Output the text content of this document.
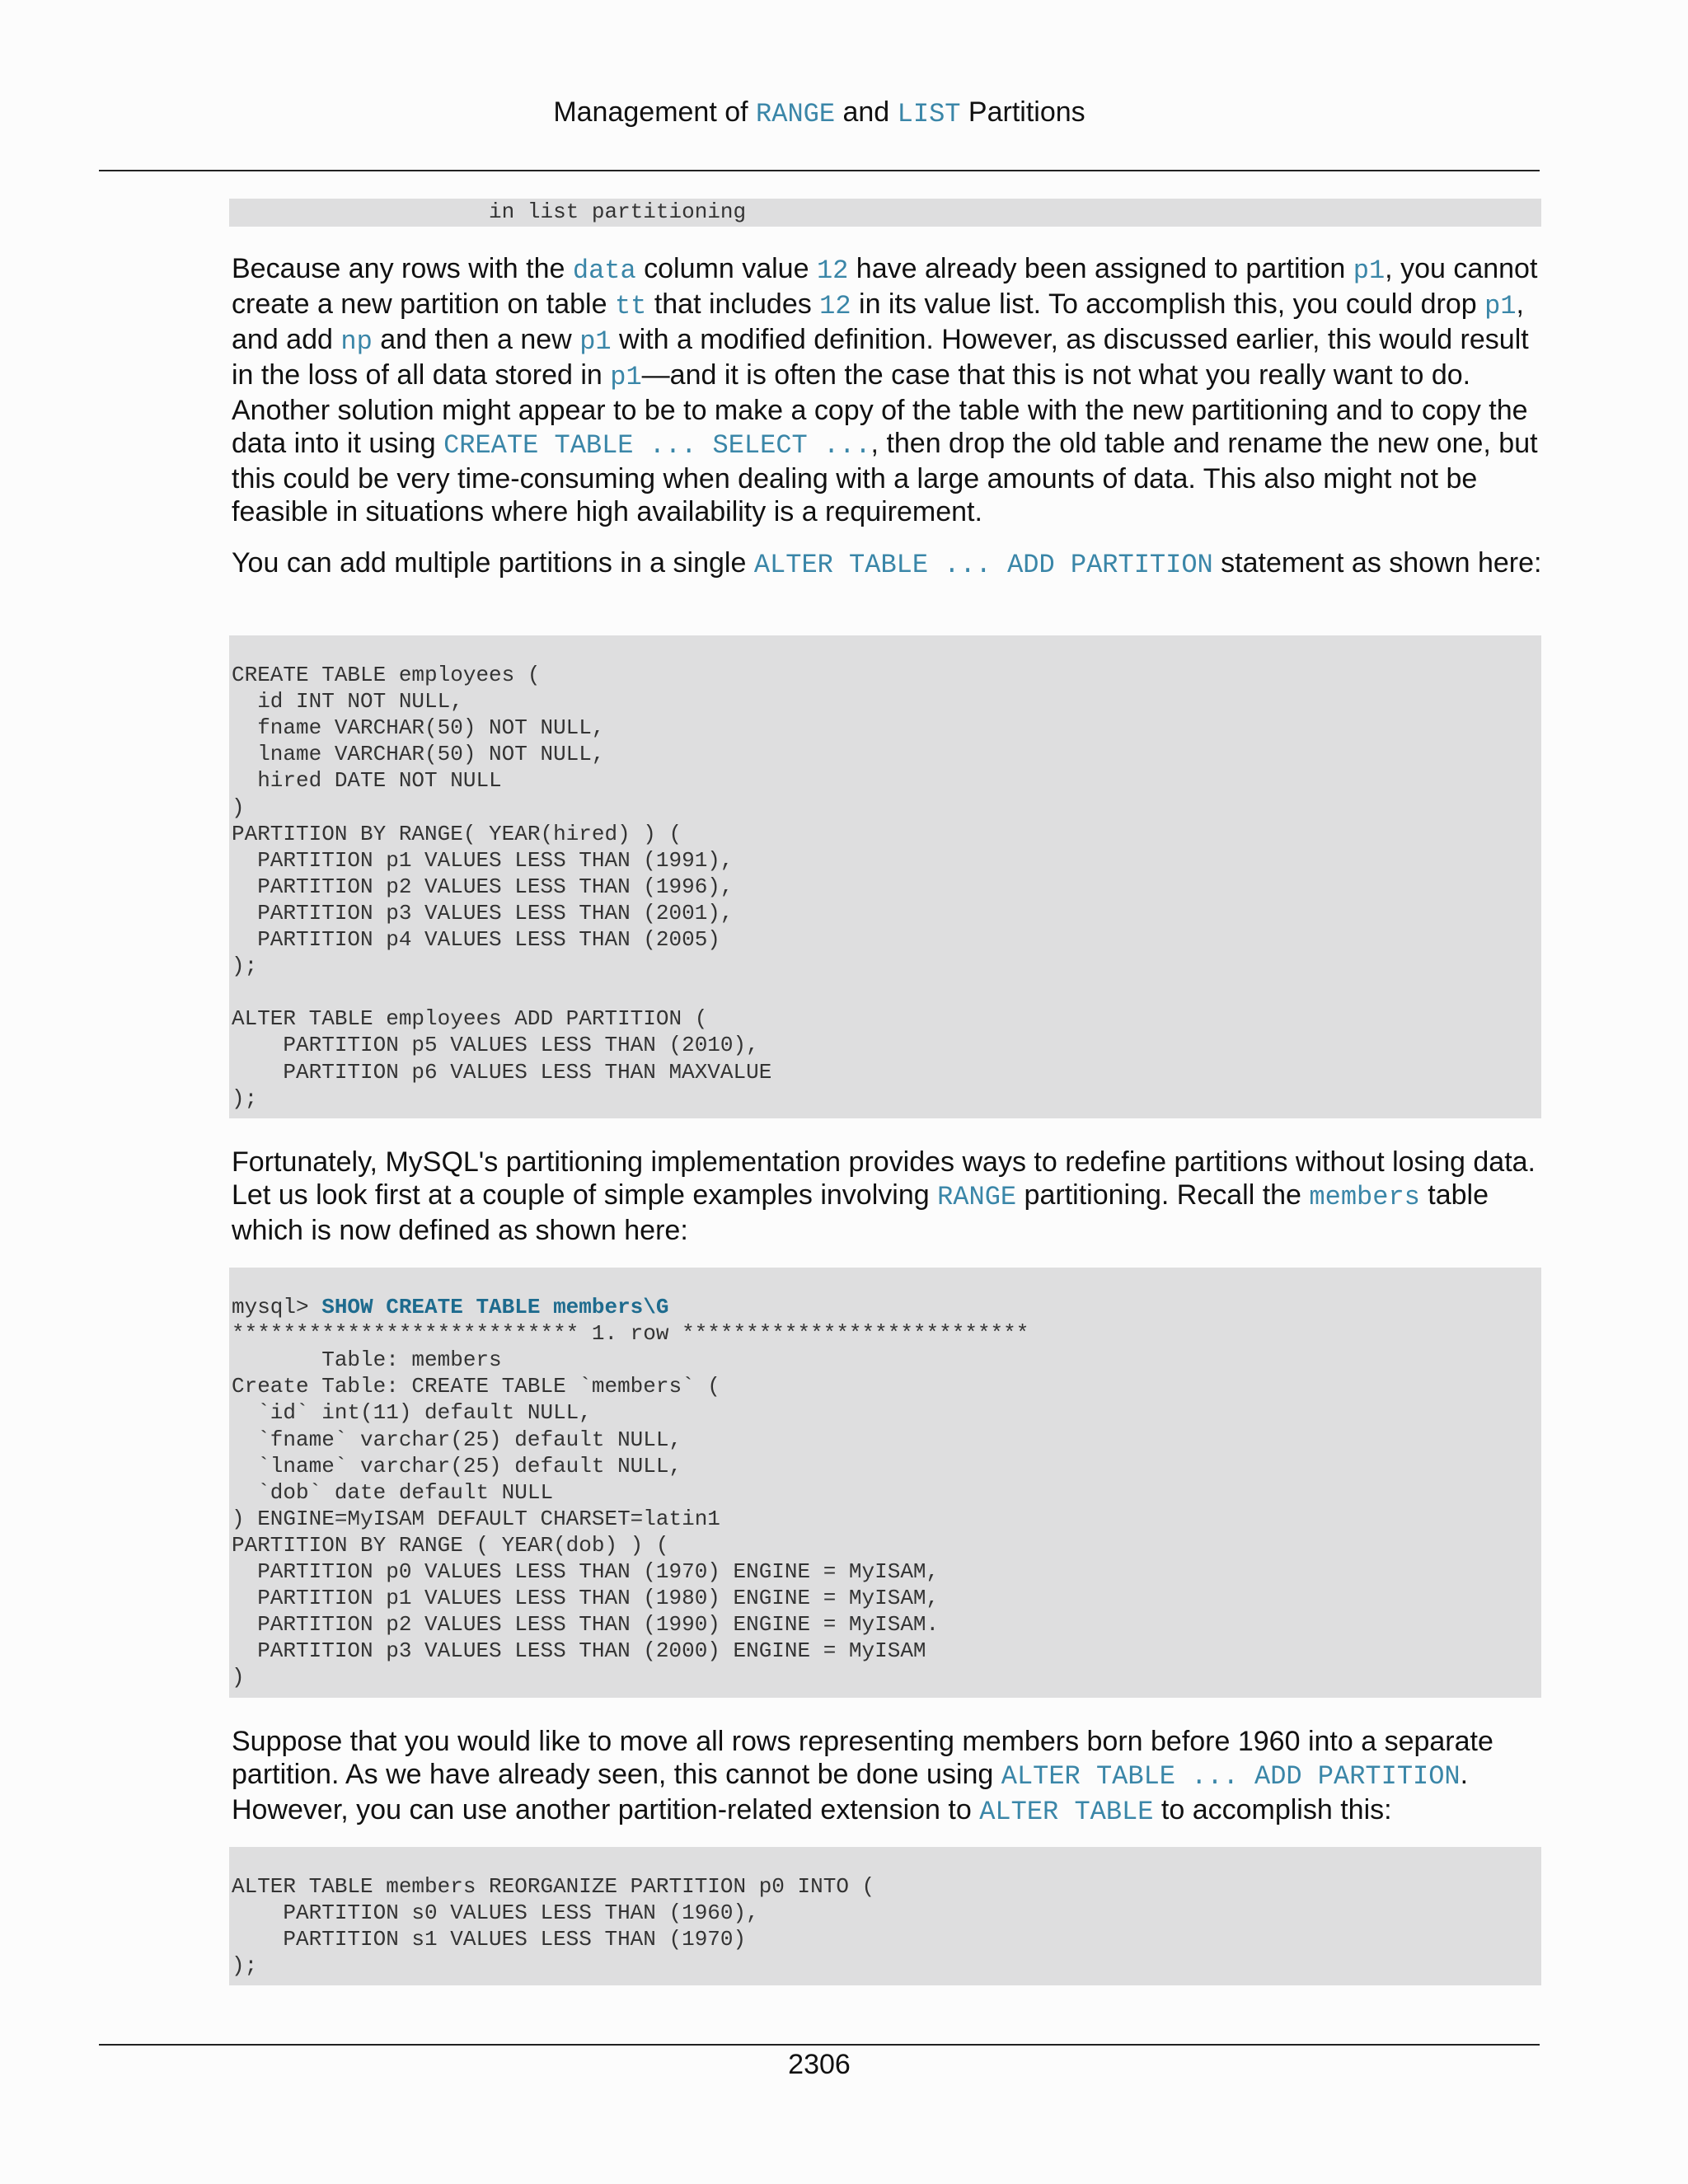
Management of RANGE and LIST Partitions
in list partitioning

Because any rows with the data column value 12 have already been assigned to partition p1, you cannot create a new partition on table tt that includes 12 in its value list. To accomplish this, you could drop p1, and add np and then a new p1 with a modified definition. However, as discussed earlier, this would result in the loss of all data stored in p1—and it is often the case that this is not what you really want to do. Another solution might appear to be to make a copy of the table with the new partitioning and to copy the data into it using CREATE TABLE ... SELECT ..., then drop the old table and rename the new one, but this could be very time-consuming when dealing with a large amounts of data. This also might not be feasible in situations where high availability is a requirement.

You can add multiple partitions in a single ALTER TABLE ... ADD PARTITION statement as shown here:

CREATE TABLE employees (
id INT NOT NULL,
fname VARCHAR(50) NOT NULL,
lname VARCHAR(50) NOT NULL,
hired DATE NOT NULL
)
PARTITION BY RANGE( YEAR(hired) ) (
PARTITION p1 VALUES LESS THAN (1991),
PARTITION p2 VALUES LESS THAN (1996),
PARTITION p3 VALUES LESS THAN (2001),
PARTITION p4 VALUES LESS THAN (2005)
);

ALTER TABLE employees ADD PARTITION (
PARTITION p5 VALUES LESS THAN (2010),
PARTITION p6 VALUES LESS THAN MAXVALUE
);

Fortunately, MySQL's partitioning implementation provides ways to redefine partitions without losing data. Let us look first at a couple of simple examples involving RANGE partitioning. Recall the members table which is now defined as shown here:

mysql> SHOW CREATE TABLE members\G
*************************** 1. row ***************************
Table: members
Create Table: CREATE TABLE `members` (
`id` int(11) default NULL,
`fname` varchar(25) default NULL,
`lname` varchar(25) default NULL,
`dob` date default NULL
) ENGINE=MyISAM DEFAULT CHARSET=latin1
PARTITION BY RANGE ( YEAR(dob) ) (
PARTITION p0 VALUES LESS THAN (1970) ENGINE = MyISAM,
PARTITION p1 VALUES LESS THAN (1980) ENGINE = MyISAM,
PARTITION p2 VALUES LESS THAN (1990) ENGINE = MyISAM.
PARTITION p3 VALUES LESS THAN (2000) ENGINE = MyISAM
)

Suppose that you would like to move all rows representing members born before 1960 into a separate partition. As we have already seen, this cannot be done using ALTER TABLE ... ADD PARTITION. However, you can use another partition-related extension to ALTER TABLE to accomplish this:

ALTER TABLE members REORGANIZE PARTITION p0 INTO (
PARTITION s0 VALUES LESS THAN (1960),
PARTITION s1 VALUES LESS THAN (1970)
);
2306
